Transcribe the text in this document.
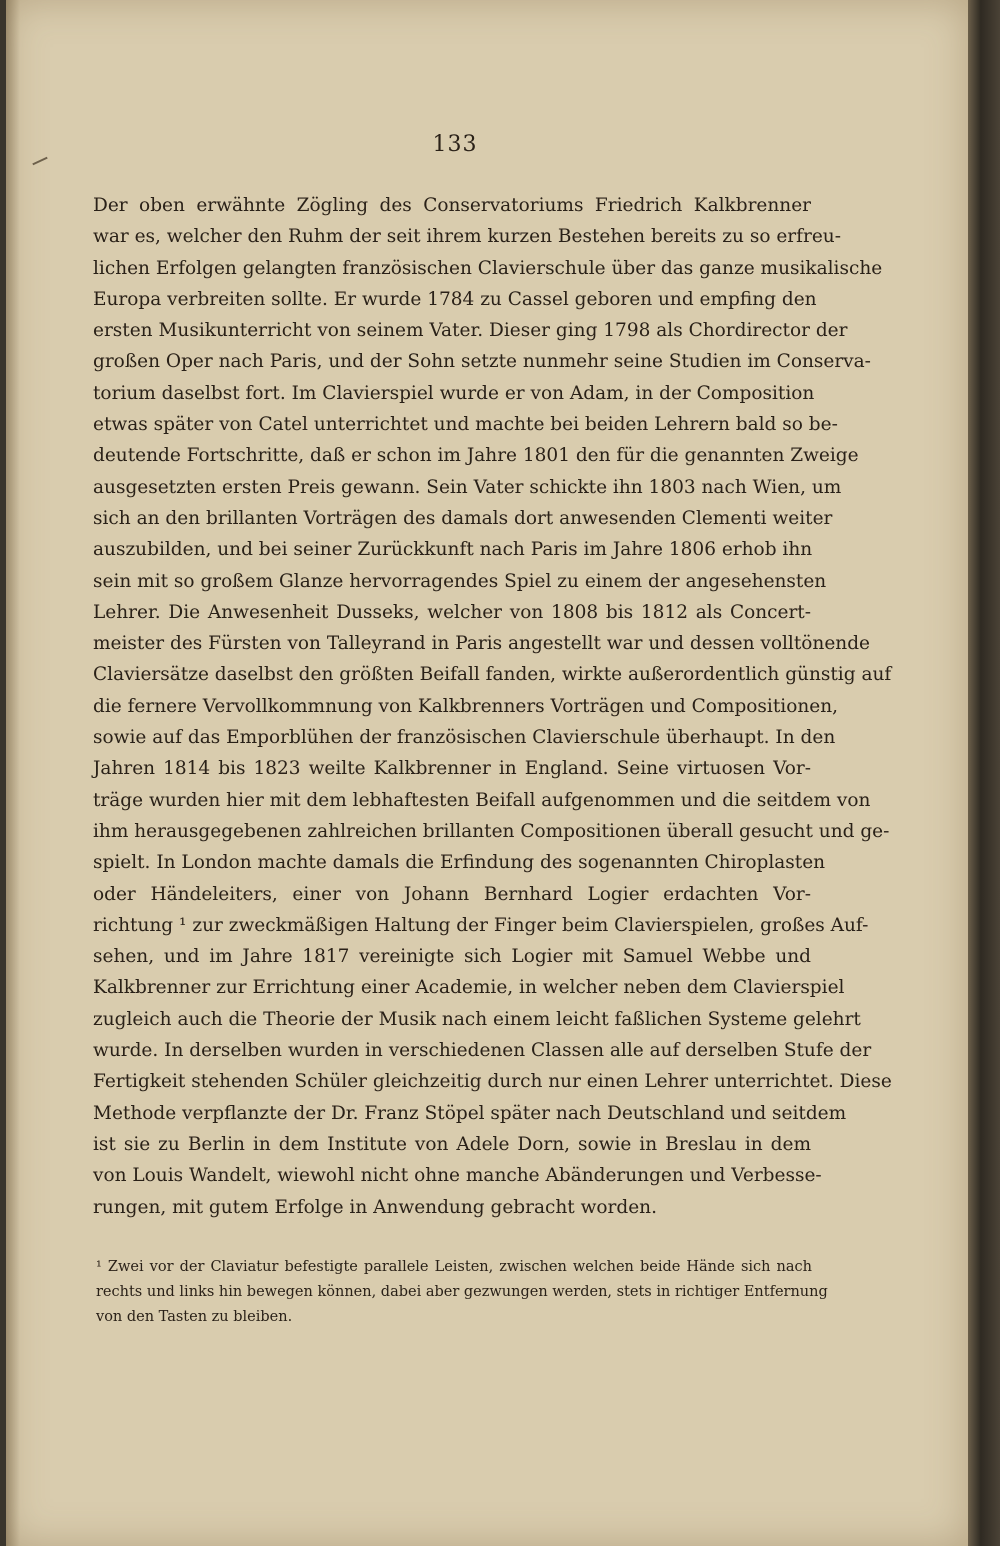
133
Der oben erwähnte Zögling des Conservatoriums Friedrich Kalkbrenner
war es, welcher den Ruhm der seit ihrem kurzen Bestehen bereits zu so erfreu-
lichen Erfolgen gelangten französischen Clavierschule über das ganze musikalische
Europa verbreiten sollte. Er wurde 1784 zu Cassel geboren und empfing den
ersten Musikunterricht von seinem Vater. Dieser ging 1798 als Chordirector der
großen Oper nach Paris, und der Sohn setzte nunmehr seine Studien im Conserva-
torium daselbst fort. Im Clavierspiel wurde er von Adam, in der Composition
etwas später von Catel unterrichtet und machte bei beiden Lehrern bald so be-
deutende Fortschritte, daß er schon im Jahre 1801 den für die genannten Zweige
ausgesetzten ersten Preis gewann. Sein Vater schickte ihn 1803 nach Wien, um
sich an den brillanten Vorträgen des damals dort anwesenden Clementi weiter
auszubilden, und bei seiner Zurückkunft nach Paris im Jahre 1806 erhob ihn
sein mit so großem Glanze hervorragendes Spiel zu einem der angesehensten
Lehrer. Die Anwesenheit Dusseks, welcher von 1808 bis 1812 als Concert-
meister des Fürsten von Talleyrand in Paris angestellt war und dessen volltönende
Claviersätze daselbst den größten Beifall fanden, wirkte außerordentlich günstig auf
die fernere Vervollkommnung von Kalkbrenners Vorträgen und Compositionen,
sowie auf das Emporblühen der französischen Clavierschule überhaupt. In den
Jahren 1814 bis 1823 weilte Kalkbrenner in England. Seine virtuosen Vor-
träge wurden hier mit dem lebhaftesten Beifall aufgenommen und die seitdem von
ihm herausgegebenen zahlreichen brillanten Compositionen überall gesucht und ge-
spielt. In London machte damals die Erfindung des sogenannten Chiroplasten
oder Händeleiters, einer von Johann Bernhard Logier erdachten Vor-
richtung ¹ zur zweckmäßigen Haltung der Finger beim Clavierspielen, großes Auf-
sehen, und im Jahre 1817 vereinigte sich Logier mit Samuel Webbe und
Kalkbrenner zur Errichtung einer Academie, in welcher neben dem Clavierspiel
zugleich auch die Theorie der Musik nach einem leicht faßlichen Systeme gelehrt
wurde. In derselben wurden in verschiedenen Classen alle auf derselben Stufe der
Fertigkeit stehenden Schüler gleichzeitig durch nur einen Lehrer unterrichtet. Diese
Methode verpflanzte der Dr. Franz Stöpel später nach Deutschland und seitdem
ist sie zu Berlin in dem Institute von Adele Dorn, sowie in Breslau in dem
von Louis Wandelt, wiewohl nicht ohne manche Abänderungen und Verbesse-
rungen, mit gutem Erfolge in Anwendung gebracht worden.
¹ Zwei vor der Claviatur befestigte parallele Leisten, zwischen welchen beide Hände sich nach
rechts und links hin bewegen können, dabei aber gezwungen werden, stets in richtiger Entfernung
von den Tasten zu bleiben.
